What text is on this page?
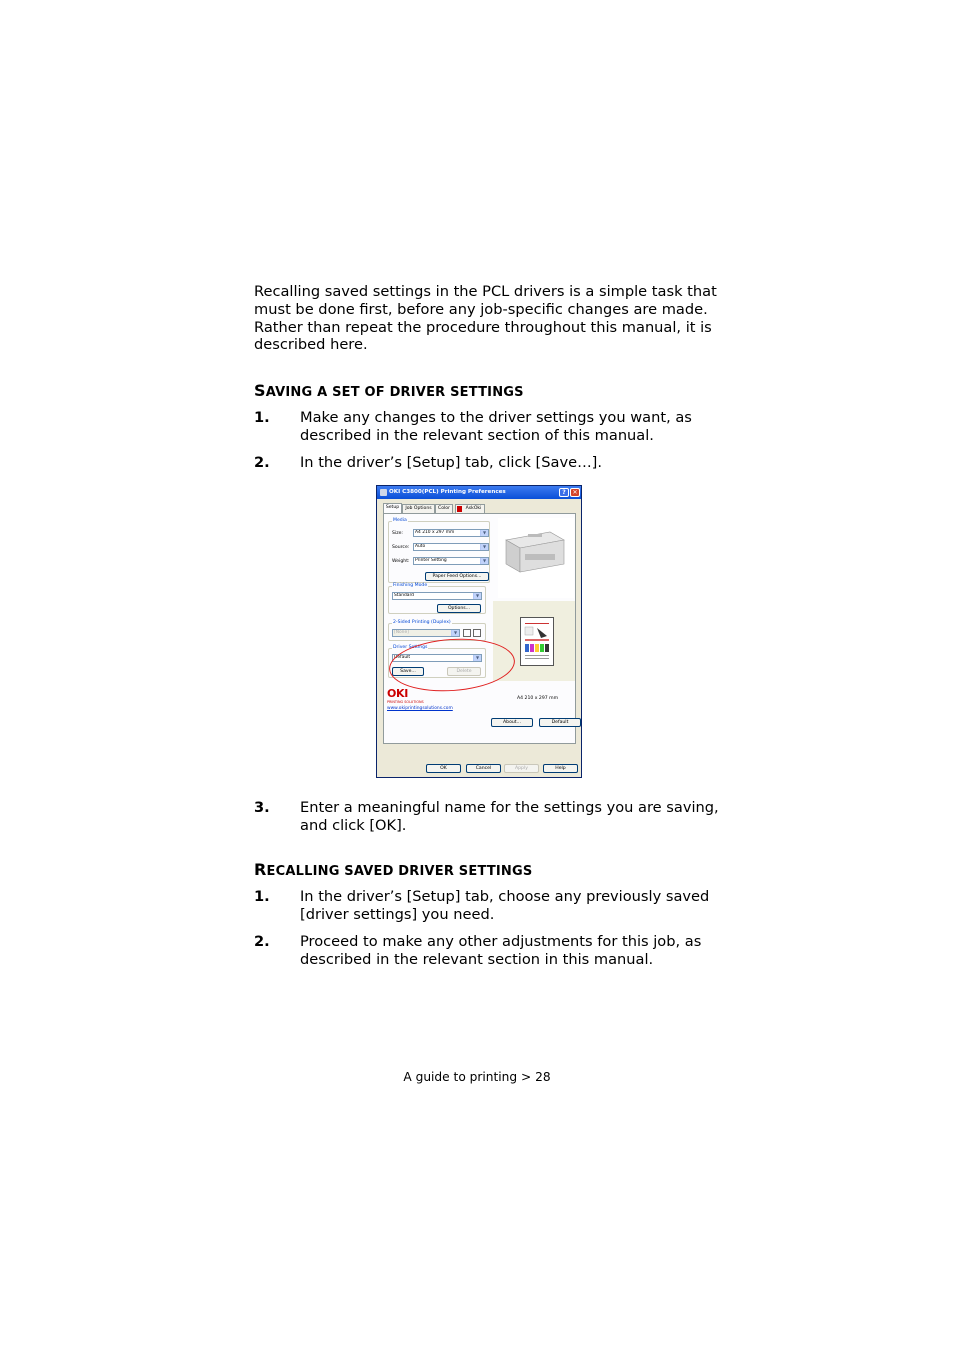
Recalling saved settings in the PCL drivers is a simple task that must be done first, before any job-specific changes are made. Rather than repeat the procedure throughout this manual, it is described here.

SAVING A SET OF DRIVER SETTINGS
1. Make any changes to the driver settings you want, as described in the relevant section of this manual.
2. In the driver’s [Setup] tab, click [Save…].
OKI C3800(PCL) Printing Preferences	?	✕
Setup	Job Options	Color	AskOki
Media
Size:	A4 210 x 297 mm	▼
Source:	Auto	▼
Weight:	Printer Setting	▼
Paper Feed Options...
Finishing Mode
Standard	▼
Options...
2-Sided Printing (Duplex)
[None]	▼
Driver Settings
Default	▼
Save...	Delete
A4 210 x 297 mm
About...	Default
OKI
PRINTING SOLUTIONS
www.okiprintingsolutions.com
OK	Cancel	Apply	Help
3. Enter a meaningful name for the settings you are saving, and click [OK].
RECALLING SAVED DRIVER SETTINGS
1. In the driver’s [Setup] tab, choose any previously saved [driver settings] you need.
2. Proceed to make any other adjustments for this job, as described in the relevant section in this manual.
A guide to printing > 28
